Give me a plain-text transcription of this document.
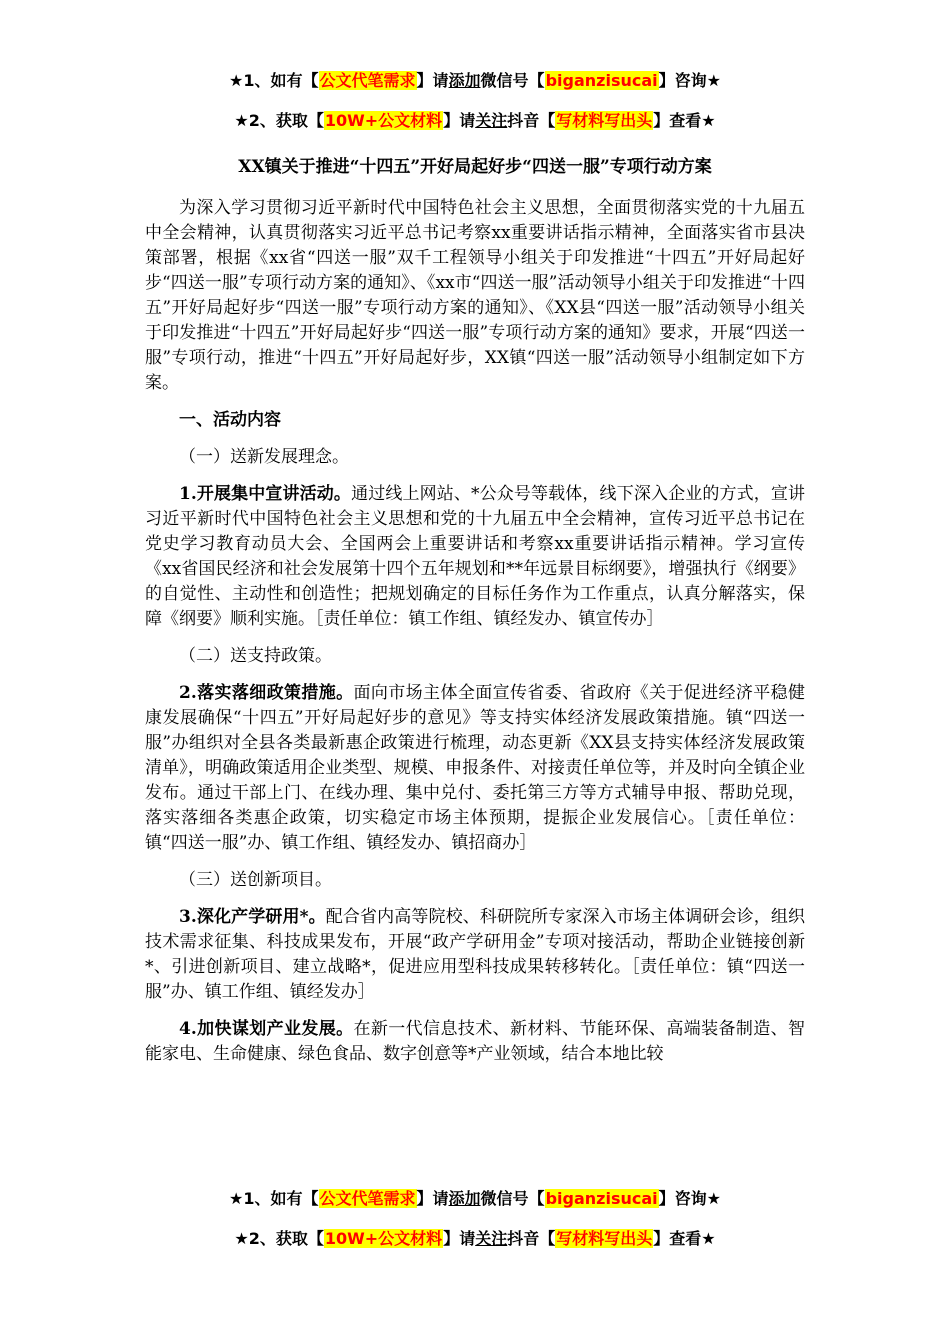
★1、如有【公文代笔需求】请添加微信号【biganzisucai】咨询★
★2、获取【10W+公文材料】请关注抖音【写材料写出头】查看★
XX镇关于推进“十四五”开好局起好步“四送一服”专项行动方案

为深入学习贯彻习近平新时代中国特色社会主义思想，全面贯彻落实党的十九届五中全会精神，认真贯彻落实习近平总书记考察xx重要讲话指示精神，全面落实省市县决策部署，根据《xx省“四送一服”双千工程领导小组关于印发推进“十四五”开好局起好步“四送一服”专项行动方案的通知》、《xx市“四送一服”活动领导小组关于印发推进“十四五”开好局起好步“四送一服”专项行动方案的通知》、《XX县“四送一服”活动领导小组关于印发推进“十四五”开好局起好步“四送一服”专项行动方案的通知》要求，开展“四送一服”专项行动，推进“十四五”开好局起好步，XX镇“四送一服”活动领导小组制定如下方案。

一、活动内容

（一）送新发展理念。

1.开展集中宣讲活动。通过线上网站、*公众号等载体，线下深入企业的方式，宣讲习近平新时代中国特色社会主义思想和党的十九届五中全会精神，宣传习近平总书记在党史学习教育动员大会、全国两会上重要讲话和考察xx重要讲话指示精神。学习宣传《xx省国民经济和社会发展第十四个五年规划和**年远景目标纲要》，增强执行《纲要》的自觉性、主动性和创造性；把规划确定的目标任务作为工作重点，认真分解落实，保障《纲要》顺利实施。［责任单位：镇工作组、镇经发办、镇宣传办］

（二）送支持政策。

2.落实落细政策措施。面向市场主体全面宣传省委、省政府《关于促进经济平稳健康发展确保“十四五”开好局起好步的意见》等支持实体经济发展政策措施。镇“四送一服”办组织对全县各类最新惠企政策进行梳理，动态更新《XX县支持实体经济发展政策清单》，明确政策适用企业类型、规模、申报条件、对接责任单位等，并及时向全镇企业发布。通过干部上门、在线办理、集中兑付、委托第三方等方式辅导申报、帮助兑现，落实落细各类惠企政策，切实稳定市场主体预期，提振企业发展信心。［责任单位：镇“四送一服”办、镇工作组、镇经发办、镇招商办］

（三）送创新项目。

3.深化产学研用*。配合省内高等院校、科研院所专家深入市场主体调研会诊，组织技术需求征集、科技成果发布，开展“政产学研用金”专项对接活动，帮助企业链接创新*、引进创新项目、建立战略*，促进应用型科技成果转移转化。［责任单位：镇“四送一服”办、镇工作组、镇经发办］

4.加快谋划产业发展。在新一代信息技术、新材料、节能环保、高端装备制造、智能家电、生命健康、绿色食品、数字创意等*产业领域，结合本地比较

★1、如有【公文代笔需求】请添加微信号【biganzisucai】咨询★
★2、获取【10W+公文材料】请关注抖音【写材料写出头】查看★
